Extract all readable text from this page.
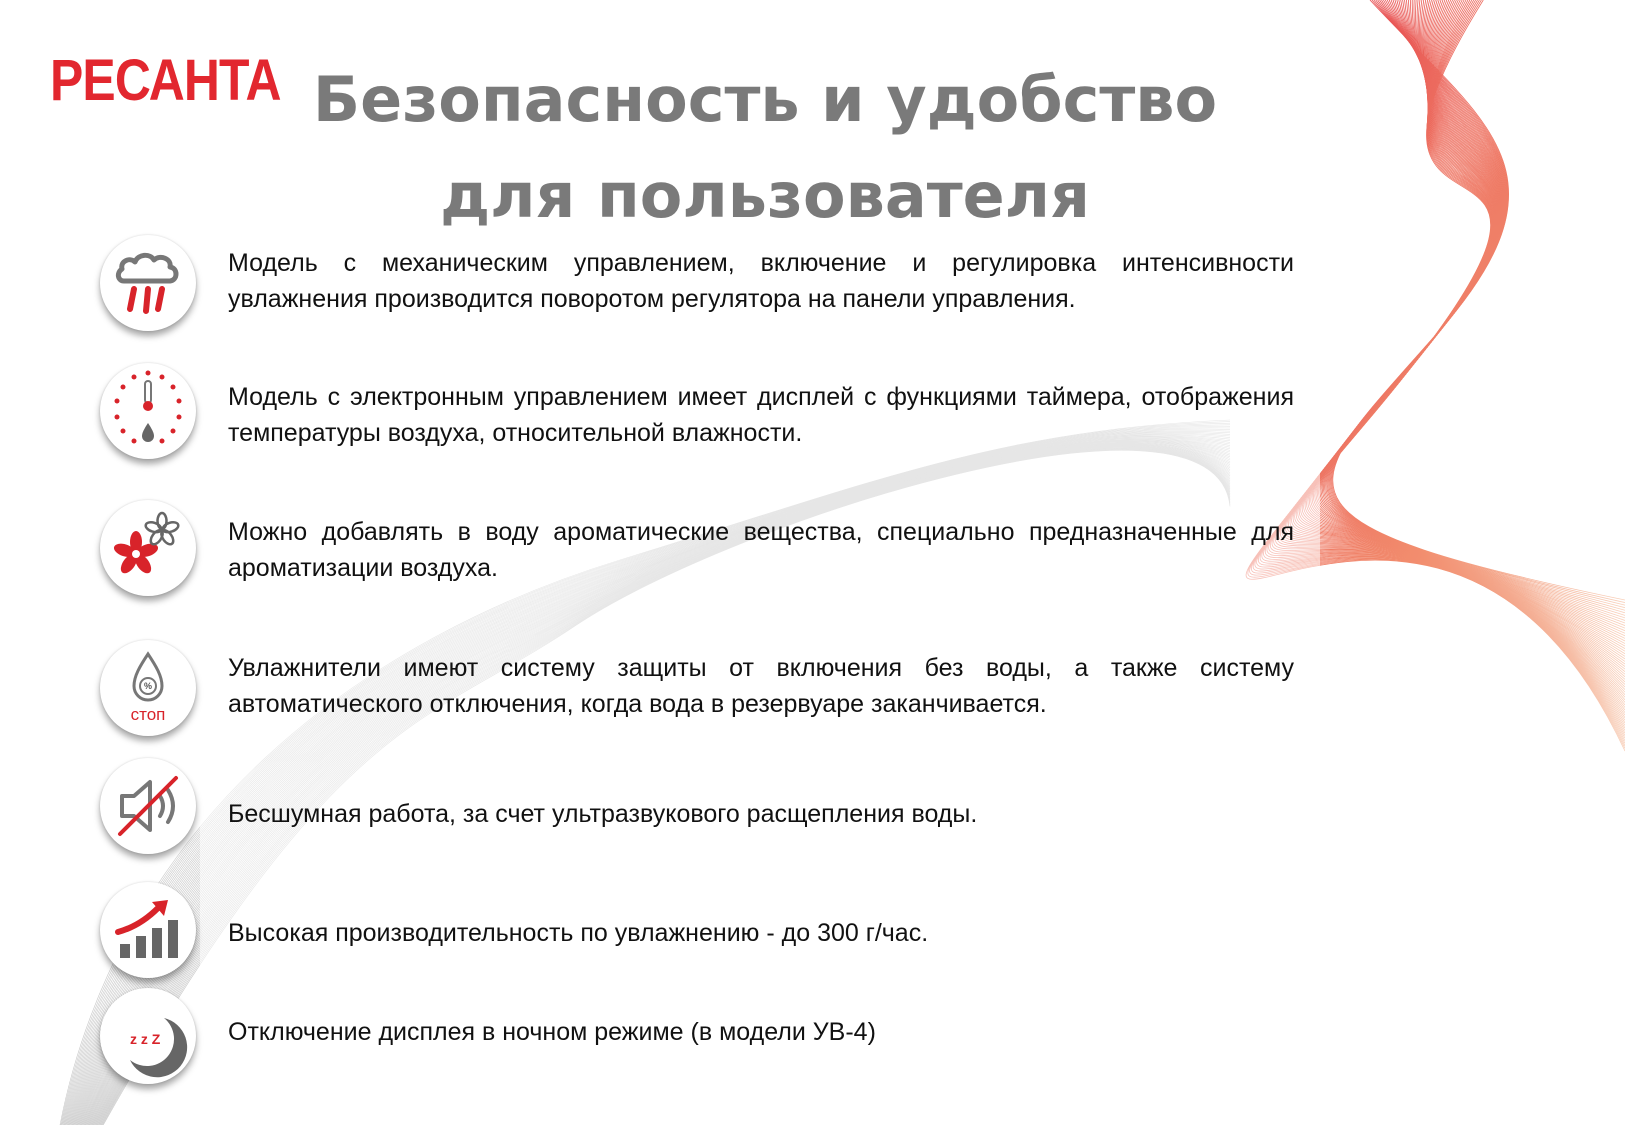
РЕСАНТА Безопасность и удобство
для пользователя
Модель с механическим управлением, включение и регулировка интенсивности увлажнения производится поворотом регулятора на панели управления.
Модель с электронным управлением имеет дисплей с функциями таймера, отображения температуры воздуха, относительной влажности.
Можно добавлять в воду ароматические вещества, специально предназначенные для ароматизации воздуха.
%
стоп
Увлажнители имеют систему защиты от включения без воды, а также систему автоматического отключения, когда вода в резервуаре заканчивается.
Бесшумная работа, за счет ультразвукового расщепления воды.
Высокая производительность по увлажнению - до 300 г/час.
z z Z	Отключение дисплея в ночном режиме (в модели УВ-4)
